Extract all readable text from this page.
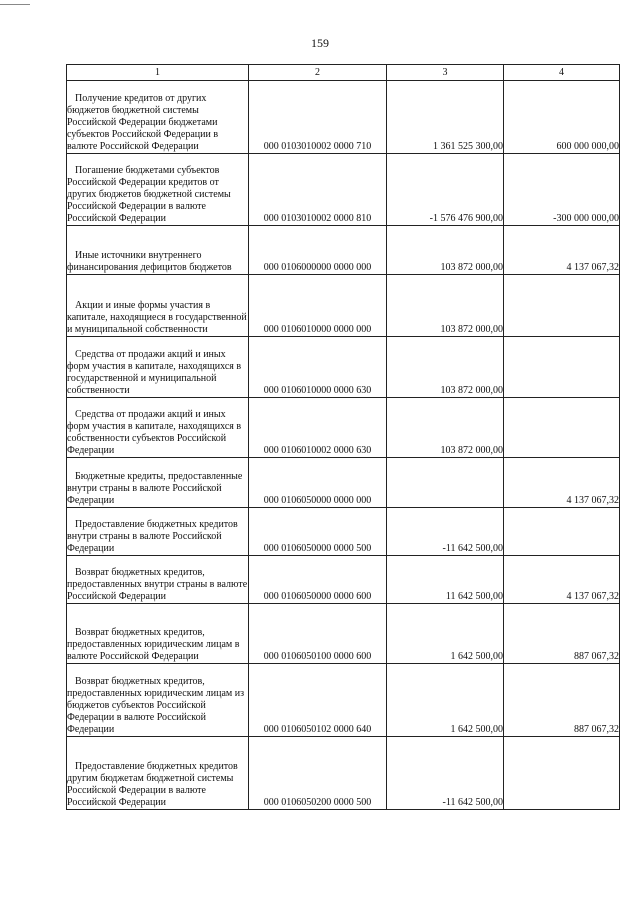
159
1	2	3	4

Получение кредитов от других бюджетов бюджетной системы Российской Федерации бюджетами субъектов Российской Федерации в валюте Российской Федерации	000 0103010002 0000 710	1 361 525 300,00	600 000 000,00

Погашение бюджетами субъектов Российской Федерации кредитов от других бюджетов бюджетной системы Российской Федерации в валюте Российской Федерации	000 0103010002 0000 810	-1 576 476 900,00	-300 000 000,00

Иные источники внутреннего финансирования дефицитов бюджетов	000 0106000000 0000 000	103 872 000,00	4 137 067,32

Акции и иные формы участия в капитале, находящиеся в государственной и муниципальной собственности	000 0106010000 0000 000	103 872 000,00	

Средства от продажи акций и иных форм участия в капитале, находящихся в государственной и муниципальной собственности	000 0106010000 0000 630	103 872 000,00	

Средства от продажи акций и иных форм участия в капитале, находящихся в собственности субъектов Российской Федерации	000 0106010002 0000 630	103 872 000,00	

Бюджетные кредиты, предоставленные внутри страны в валюте Российской Федерации	000 0106050000 0000 000		4 137 067,32

Предоставление бюджетных кредитов внутри страны в валюте Российской Федерации	000 0106050000 0000 500	-11 642 500,00	

Возврат бюджетных кредитов, предоставленных внутри страны в валюте Российской Федерации	000 0106050000 0000 600	11 642 500,00	4 137 067,32

Возврат бюджетных кредитов, предоставленных юридическим лицам в валюте Российской Федерации	000 0106050100 0000 600	1 642 500,00	887 067,32

Возврат бюджетных кредитов, предоставленных юридическим лицам из бюджетов субъектов Российской Федерации в валюте Российской Федерации	000 0106050102 0000 640	1 642 500,00	887 067,32

Предоставление бюджетных кредитов другим бюджетам бюджетной системы Российской Федерации в валюте Российской Федерации	000 0106050200 0000 500	-11 642 500,00	
